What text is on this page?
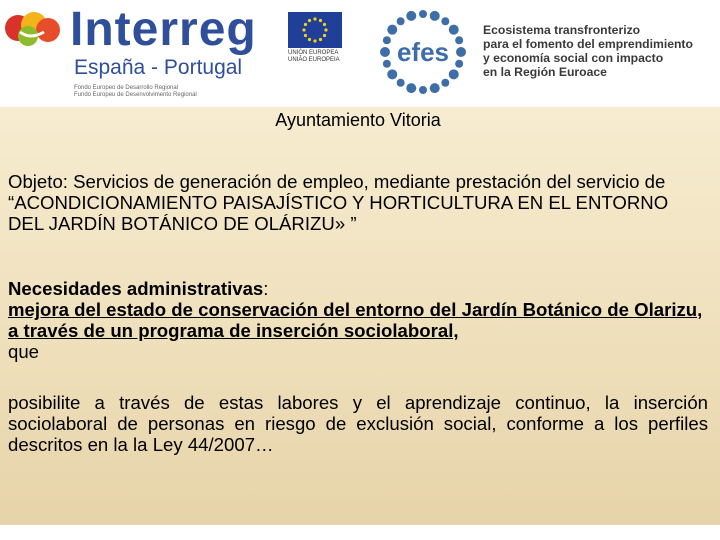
Interreg
España - Portugal
Fondo Europeo de Desarrollo Regional
Fundo Europeu de Desenvolvimento Regional
UNIÓN EUROPEA
UNIÃO EUROPEIA efes
Ecosistema transfronterizo
para el fomento del emprendimiento
y economía social con impacto
en la Región Euroace
Ayuntamiento Vitoria
Objeto: Servicios de generación de empleo, mediante prestación del servicio de “ACONDICIONAMIENTO PAISAJÍSTICO Y HORTICULTURA EN EL ENTORNO DEL JARDÍN BOTÁNICO DE OLÁRIZU» ”
Necesidades administrativas:
mejora del estado de conservación del entorno del Jardín Botánico de Olarizu, a través de un programa de inserción sociolaboral,
que
posibilite a través de estas labores y el aprendizaje continuo, la inserción sociolaboral de personas en riesgo de exclusión social, conforme a los perfiles descritos en la la Ley 44/2007…
